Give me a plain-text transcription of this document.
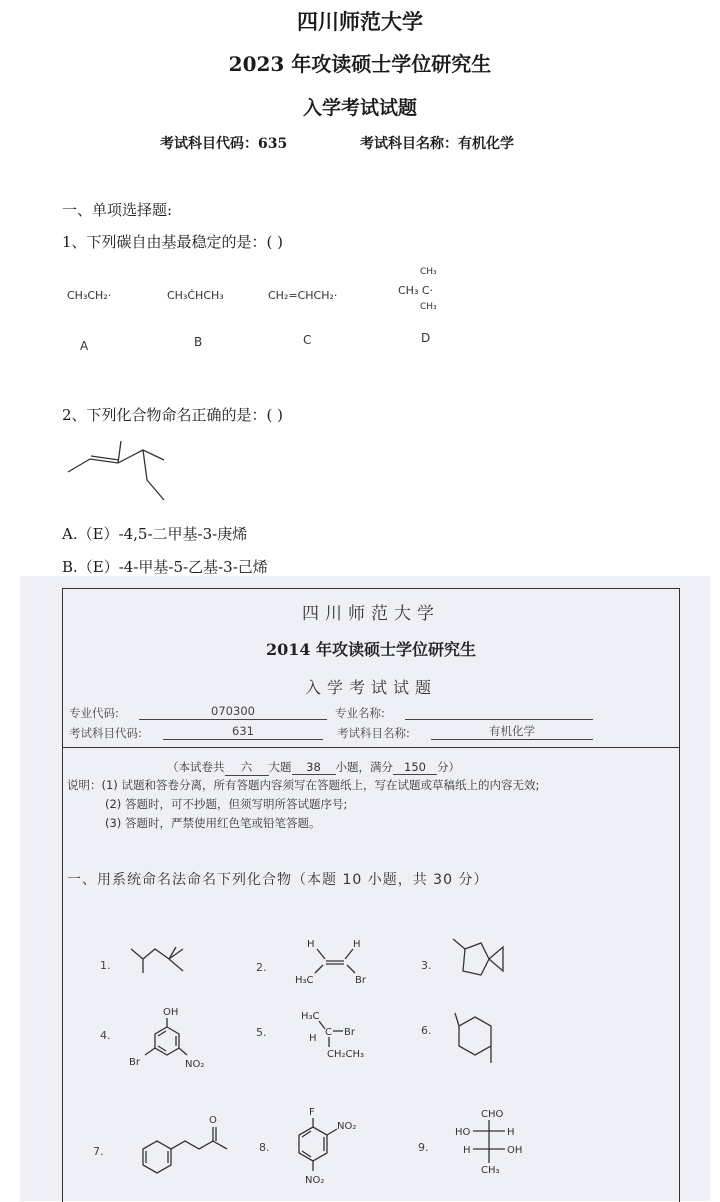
四川师范大学
2023 年攻读硕士学位研究生
入学考试试题
考试科目代码：635	考试科目名称：有机化学
一、单项选择题:
1、下列碳自由基最稳定的是：( )
CH₃CH₂·
A
CH₃ĊHCH₃
B
CH₂=CHCH₂·
C
CH₃
CH₃ C·
CH₃
D
2、下列化合物命名正确的是：( )
A.（E）-4,5-二甲基-3-庚烯
B.（E）-4-甲基-5-乙基-3-己烯
四川师范大学
2014 年攻读硕士学位研究生
入学考试试题
专业代码:	070300	专业名称:
考试科目代码:	631	考试科目名称:	有机化学
（本试卷共 六 大题 38 小题，满分 150 分）
说明：(1) 试题和答卷分离，所有答题内容须写在答题纸上，写在试题或草稿纸上的内容无效;
(2) 答题时，可不抄题，但须写明所答试题序号;
(3) 答题时，严禁使用红色笔或铅笔答题。
一、用系统命名法命名下列化合物（本题 10 小题，共 30 分）
1.	2.	3.
4.	5.	6.
7.	8.	9.
H	H
H₃C	Br
OH
Br	NO₂
H₃C
H
C Br
CH₂CH₃
O
F
NO₂
NO₂
CHO
HO	H
H	OH
CH₃
